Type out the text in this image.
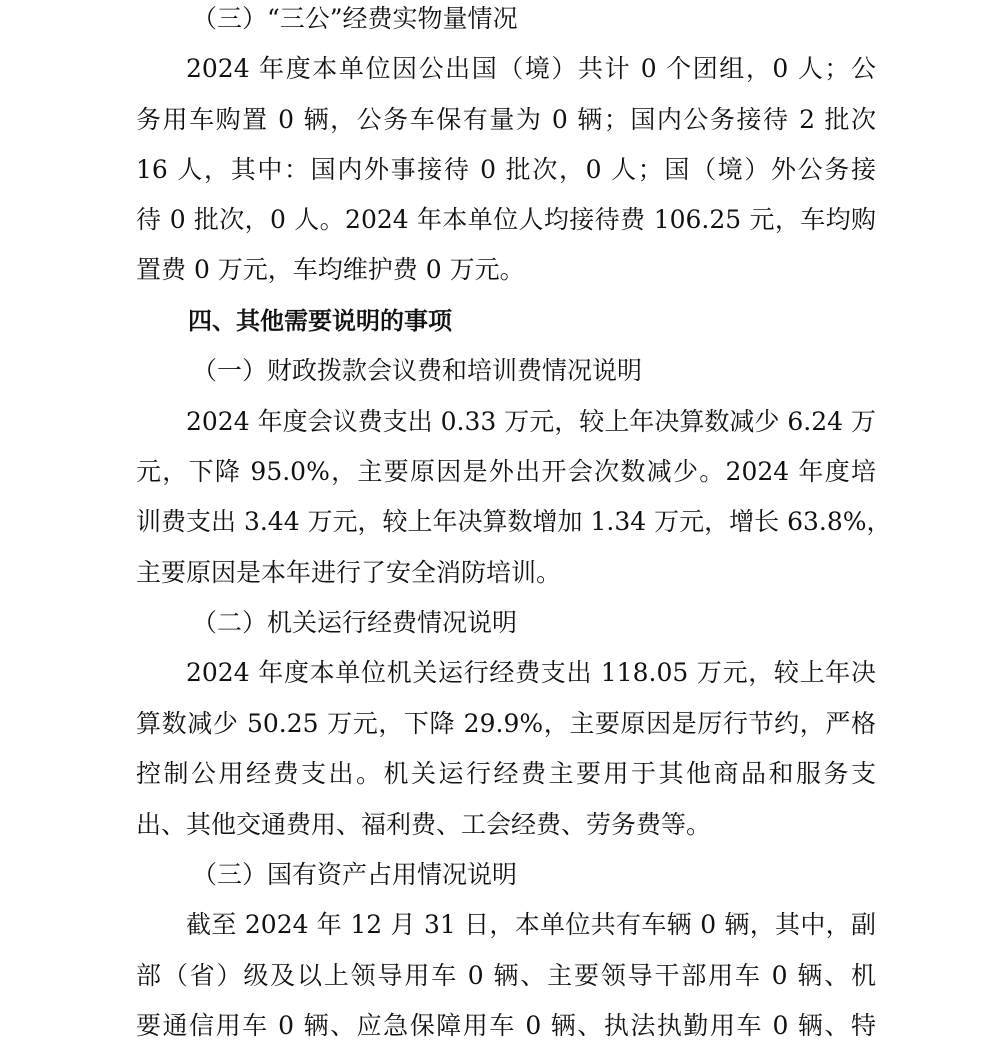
（三）“三公”经费实物量情况
2024 年度本单位因公出国（境）共计 0 个团组，0 人；公
务用车购置 0 辆，公务车保有量为 0 辆；国内公务接待 2 批次
16 人，其中：国内外事接待 0 批次，0 人；国（境）外公务接
待 0 批次，0 人。2024 年本单位人均接待费 106.25 元，车均购
置费 0 万元，车均维护费 0 万元。
四、其他需要说明的事项
（一）财政拨款会议费和培训费情况说明
2024 年度会议费支出 0.33 万元，较上年决算数减少 6.24 万
元，下降 95.0%，主要原因是外出开会次数减少。2024 年度培
训费支出 3.44 万元，较上年决算数增加 1.34 万元，增长 63.8%，
主要原因是本年进行了安全消防培训。
（二）机关运行经费情况说明
2024 年度本单位机关运行经费支出 118.05 万元，较上年决
算数减少 50.25 万元，下降 29.9%，主要原因是厉行节约，严格
控制公用经费支出。机关运行经费主要用于其他商品和服务支
出、其他交通费用、福利费、工会经费、劳务费等。
（三）国有资产占用情况说明
截至 2024 年 12 月 31 日，本单位共有车辆 0 辆，其中，副
部（省）级及以上领导用车 0 辆、主要领导干部用车 0 辆、机
要通信用车 0 辆、应急保障用车 0 辆、执法执勤用车 0 辆、特
